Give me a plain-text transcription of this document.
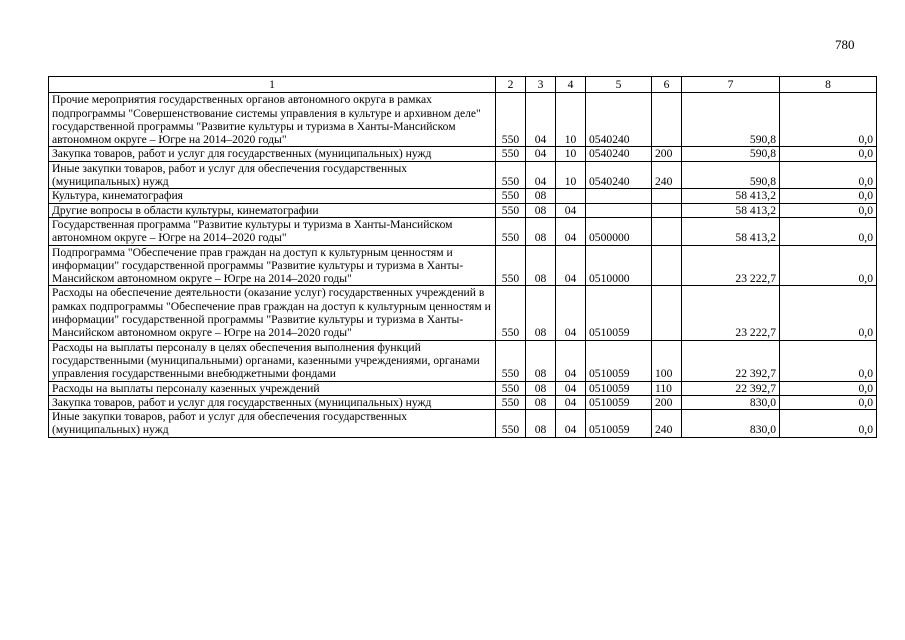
780
1	2	3	4	5	6	7	8
Прочие мероприятия государственных органов автономного округа в рамках подпрограммы "Совершенствование системы управления в культуре и архивном деле" государственной программы "Развитие культуры и туризма в Ханты-Мансийском автономном округе – Югре на 2014–2020 годы"	550	04	10	0540240		590,8	0,0
Закупка товаров, работ и услуг для государственных (муниципальных) нужд	550	04	10	0540240	200	590,8	0,0
Иные закупки товаров, работ и услуг для обеспечения государственных (муниципальных) нужд	550	04	10	0540240	240	590,8	0,0
Культура, кинематография	550	08				58 413,2	0,0
Другие вопросы в области культуры, кинематографии	550	08	04			58 413,2	0,0
Государственная программа "Развитие культуры и туризма в Ханты-Мансийском автономном округе – Югре на 2014–2020 годы"	550	08	04	0500000		58 413,2	0,0
Подпрограмма "Обеспечение прав граждан на доступ к культурным ценностям и информации" государственной программы "Развитие культуры и туризма в Ханты-Мансийском автономном округе – Югре на 2014–2020 годы"	550	08	04	0510000		23 222,7	0,0
Расходы на обеспечение деятельности (оказание услуг) государственных учреждений в рамках подпрограммы "Обеспечение прав граждан на доступ к культурным ценностям и информации" государственной программы "Развитие культуры и туризма в Ханты-Мансийском автономном округе – Югре на 2014–2020 годы"	550	08	04	0510059		23 222,7	0,0
Расходы на выплаты персоналу в целях обеспечения выполнения функций государственными (муниципальными) органами, казенными учреждениями, органами управления государственными внебюджетными фондами	550	08	04	0510059	100	22 392,7	0,0
Расходы на выплаты персоналу казенных учреждений	550	08	04	0510059	110	22 392,7	0,0
Закупка товаров, работ и услуг для государственных (муниципальных) нужд	550	08	04	0510059	200	830,0	0,0
Иные закупки товаров, работ и услуг для обеспечения государственных (муниципальных) нужд	550	08	04	0510059	240	830,0	0,0
